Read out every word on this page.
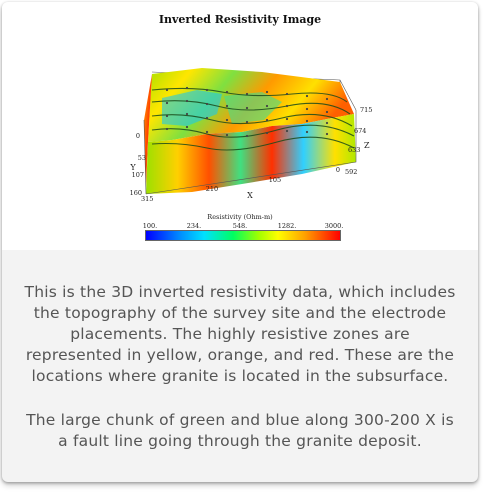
Inverted Resistivity Image
315
210
105
0
X
0
53
107
160
Y
715
674
633
592
Z
Resistivity (Ohm-m)
100.	234.	548.	1282.	3000.

This is the 3D inverted resistivity data, which includes the topography of the survey site and the electrode placements. The highly resistive zones are represented in yellow, orange, and red. These are the locations where granite is located in the subsurface.

The large chunk of green and blue along 300-200 X is a fault line going through the granite deposit.
